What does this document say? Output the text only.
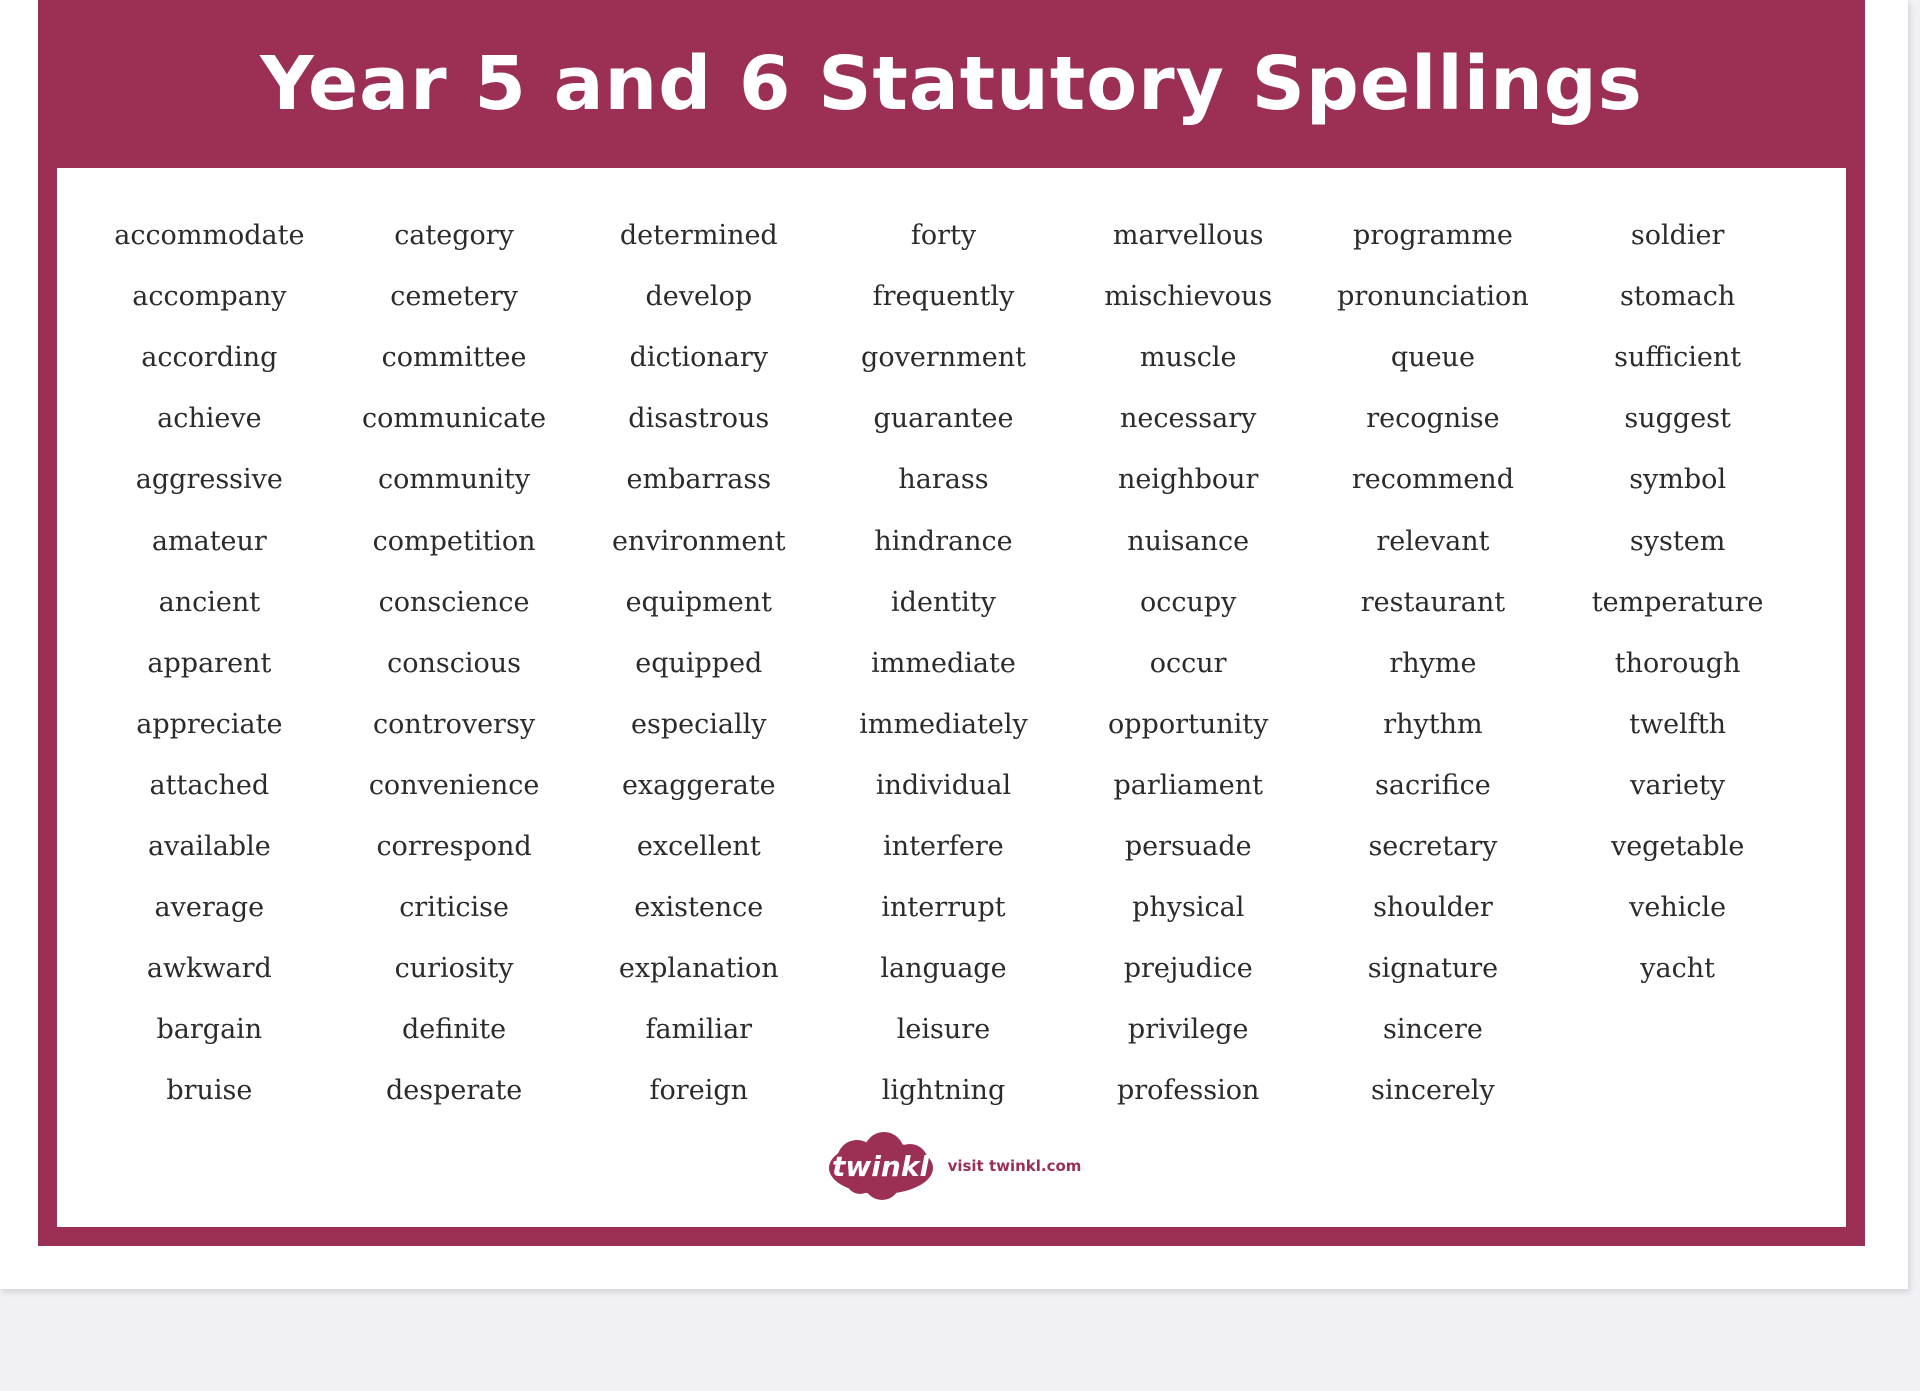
Year 5 and 6 Statutory Spellings
accommodate
accompany
according
achieve
aggressive
amateur
ancient
apparent
appreciate
attached
available
average
awkward
bargain
bruise
category
cemetery
committee
communicate
community
competition
conscience
conscious
controversy
convenience
correspond
criticise
curiosity
definite
desperate
determined
develop
dictionary
disastrous
embarrass
environment
equipment
equipped
especially
exaggerate
excellent
existence
explanation
familiar
foreign
forty
frequently
government
guarantee
harass
hindrance
identity
immediate
immediately
individual
interfere
interrupt
language
leisure
lightning
marvellous
mischievous
muscle
necessary
neighbour
nuisance
occupy
occur
opportunity
parliament
persuade
physical
prejudice
privilege
profession
programme
pronunciation
queue
recognise
recommend
relevant
restaurant
rhyme
rhythm
sacrifice
secretary
shoulder
signature
sincere
sincerely
soldier
stomach
sufficient
suggest
symbol
system
temperature
thorough
twelfth
variety
vegetable
vehicle
yacht
twinkl	visit twinkl.com
